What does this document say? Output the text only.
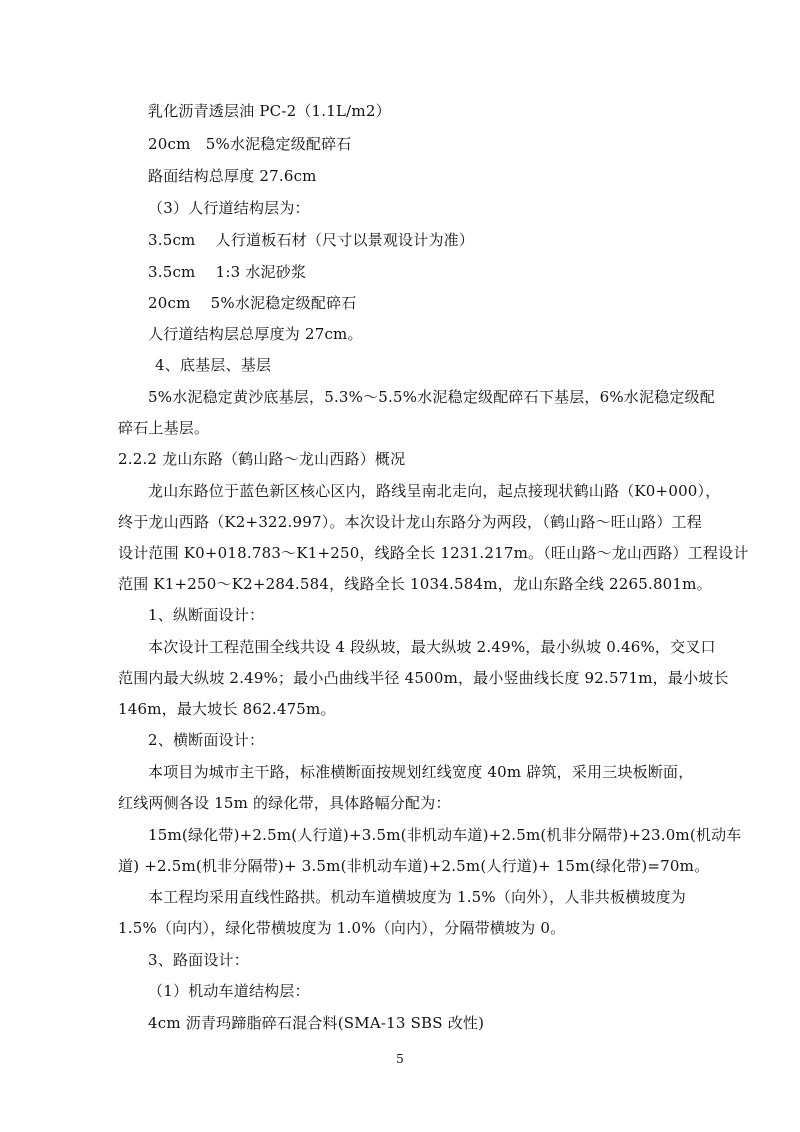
乳化沥青透层油 PC-2（1.1L/m2）
20cm　5%水泥稳定级配碎石
路面结构总厚度 27.6cm
（3）人行道结构层为：
3.5cm　 人行道板石材（尺寸以景观设计为准）
3.5cm　 1:3 水泥砂浆
20cm　 5%水泥稳定级配碎石
人行道结构层总厚度为 27cm。
4、底基层、基层
5%水泥稳定黄沙底基层，5.3%～5.5%水泥稳定级配碎石下基层，6%水泥稳定级配
碎石上基层。
2.2.2 龙山东路（鹤山路～龙山西路）概况
龙山东路位于蓝色新区核心区内，路线呈南北走向，起点接现状鹤山路（K0+000），
终于龙山西路（K2+322.997）。本次设计龙山东路分为两段，（鹤山路～旺山路）工程
设计范围 K0+018.783～K1+250，线路全长 1231.217m。（旺山路～龙山西路）工程设计
范围 K1+250～K2+284.584，线路全长 1034.584m，龙山东路全线 2265.801m。
1、纵断面设计：
本次设计工程范围全线共设 4 段纵坡，最大纵坡 2.49%，最小纵坡 0.46%，交叉口
范围内最大纵坡 2.49%；最小凸曲线半径 4500m，最小竖曲线长度 92.571m，最小坡长
146m，最大坡长 862.475m。
2、横断面设计：
本项目为城市主干路，标准横断面按规划红线宽度 40m 辟筑，采用三块板断面，
红线两侧各设 15m 的绿化带，具体路幅分配为：
15m(绿化带)+2.5m(人行道)+3.5m(非机动车道)+2.5m(机非分隔带)+23.0m(机动车
道) +2.5m(机非分隔带)+ 3.5m(非机动车道)+2.5m(人行道)+ 15m(绿化带)=70m。
本工程均采用直线性路拱。机动车道横坡度为 1.5%（向外），人非共板横坡度为
1.5%（向内），绿化带横坡度为 1.0%（向内），分隔带横坡为 0。
3、路面设计：
（1）机动车道结构层：
4cm 沥青玛蹄脂碎石混合料(SMA-13 SBS 改性)
5
